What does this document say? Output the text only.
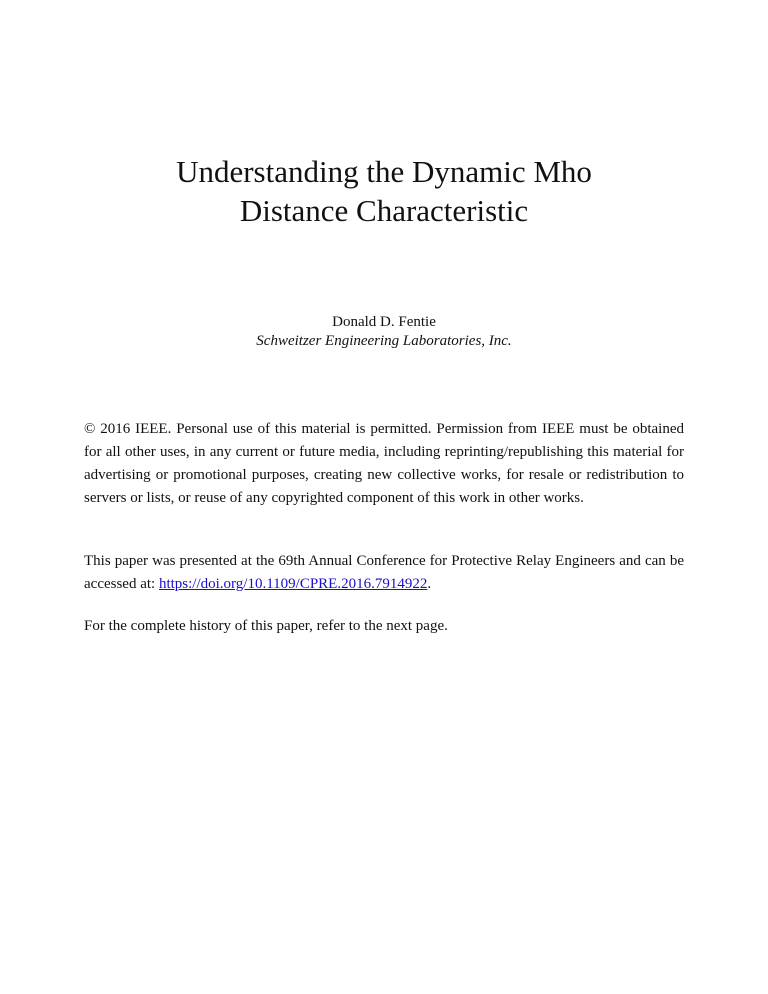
Understanding the Dynamic Mho
Distance Characteristic
Donald D. Fentie
Schweitzer Engineering Laboratories, Inc.

© 2016 IEEE. Personal use of this material is permitted. Permission from IEEE must be obtained for all other uses, in any current or future media, including reprinting/republishing this material for advertising or promotional purposes, creating new collective works, for resale or redistribution to servers or lists, or reuse of any copyrighted component of this work in other works.

This paper was presented at the 69th Annual Conference for Protective Relay Engineers and can be accessed at: https://doi.org/10.1109/CPRE.2016.7914922.

For the complete history of this paper, refer to the next page.
